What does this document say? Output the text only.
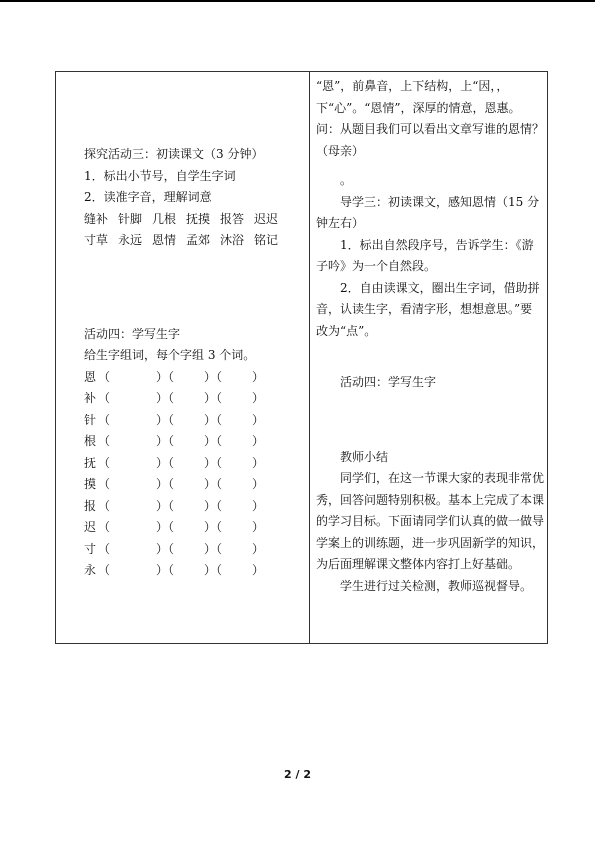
探究活动三：初读课文（3 分钟）
1．标出小节号，自学生字词
2．读准字音，理解词意
缝补 针脚 几根 抚摸 报答 迟迟
寸草 永远 恩情 孟郊 沐浴 铭记
活动四：学写生字
给生字组词，每个字组 3 个词。
恩 （	）（	）（	）
补 （	）（	）（	）
针 （	）（	）（	）
根 （	）（	）（	）
抚 （	）（	）（	）
摸 （	）（	）（	）
报 （	）（	）（	）
迟 （	）（	）（	）
寸 （	）（	）（	）
永 （	）（	）（	）
“恩”，前鼻音，上下结构，上“因，，下“心”。“恩情”，深厚的情意，恩惠。问：从题目我们可以看出文章写谁的恩情？（母亲）
。
导学三：初读课文，感知恩情（15 分钟左右）
1．标出自然段序号，告诉学生：《游子吟》为一个自然段。
2．自由读课文，圈出生字词，借助拼音，认读生字，看清字形，想想意思。”要改为“点”。
活动四：学写生字
教师小结
同学们，在这一节课大家的表现非常优秀，回答问题特别积极。基本上完成了本课的学习目标。下面请同学们认真的做一做导学案上的训练题，进一步巩固新学的知识，为后面理解课文整体内容打上好基础。
学生进行过关检测，教师巡视督导。
2 / 2
